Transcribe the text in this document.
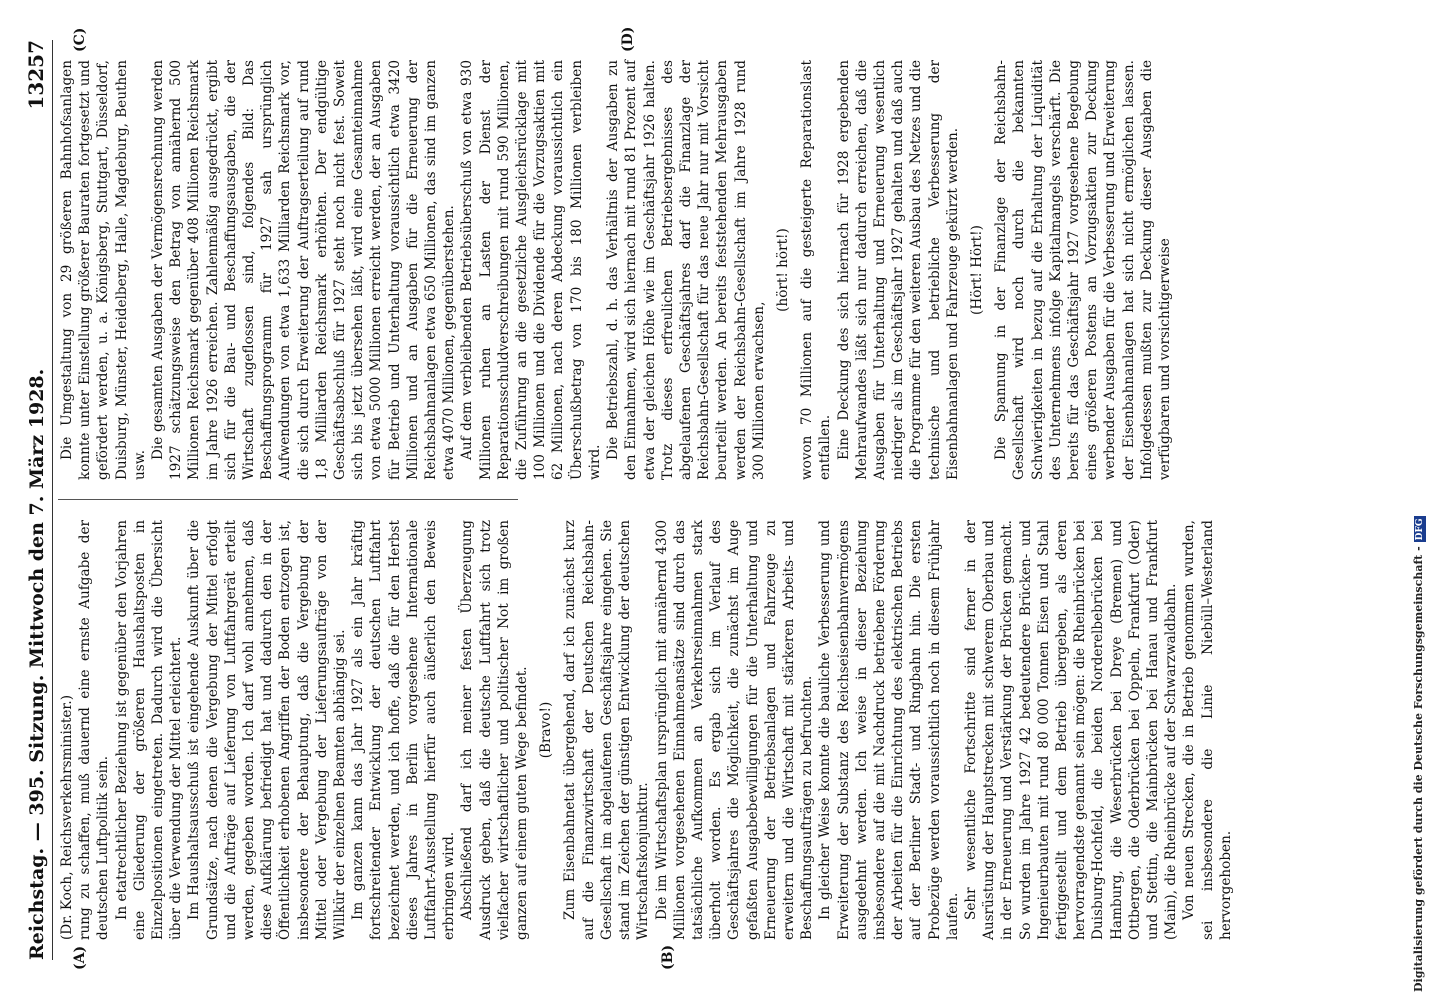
Reichstag. — 395. Sitzung. Mittwoch den 7. März 1928.
13257
(A)	(B)
(C)	(D)

(Dr. Koch, Reichsverkehrsminister.) rung zu schaffen, muß dauernd eine ernste Aufgabe der deutschen Luftpolitik sein. In etatrechtlicher Beziehung ist gegenüber den Vorjahren eine Gliederung der größeren Haushaltsposten in Einzelpositionen eingetreten. Dadurch wird die Übersicht über die Verwendung der Mittel erleichtert. Im Haushaltsausschuß ist eingehende Auskunft über die Grundsätze, nach denen die Vergebung der Mittel erfolgt und die Aufträge auf Lieferung von Luftfahrgerät erteilt werden, gegeben worden. Ich darf wohl annehmen, daß diese Aufklärung befriedigt hat und dadurch den in der Öffentlichkeit erhobenen Angriffen der Boden entzogen ist, insbesondere der Behauptung, daß die Vergebung der Mittel oder Vergebung der Lieferungsaufträge von der Willkür der einzelnen Beamten abhängig sei. Im ganzen kann das Jahr 1927 als ein Jahr kräftig fortschreitender Entwicklung der deutschen Luftfahrt bezeichnet werden, und ich hoffe, daß die für den Herbst dieses Jahres in Berlin vorgesehene Internationale Luftfahrt-Ausstellung hierfür auch äußerlich den Beweis erbringen wird. Abschließend darf ich meiner festen Überzeugung Ausdruck geben, daß die deutsche Luftfahrt sich trotz vielfacher wirtschaftlicher und politischer Not im großen ganzen auf einem guten Wege befindet. (Bravo!) Zum Eisenbahnetat übergehend, darf ich zunächst kurz auf die Finanzwirtschaft der Deutschen Reichsbahn-Gesellschaft im abgelaufenen Geschäftsjahre eingehen. Sie stand im Zeichen der günstigen Entwicklung der deutschen Wirtschaftskonjunktur. Die im Wirtschaftsplan ursprünglich mit annähernd 4300 Millionen vorgesehenen Einnahmeansätze sind durch das tatsächliche Aufkommen an Verkehrseinnahmen stark überholt worden. Es ergab sich im Verlauf des Geschäftsjahres die Möglichkeit, die zunächst im Auge gefaßten Ausgabebewilligungen für die Unterhaltung und Erneuerung der Betriebsanlagen und Fahrzeuge zu erweitern und die Wirtschaft mit stärkeren Arbeits- und Beschaffungsaufträgen zu befruchten. In gleicher Weise konnte die bauliche Verbesserung und Erweiterung der Substanz des Reichseisenbahnvermögens ausgedehnt werden. Ich weise in dieser Beziehung insbesondere auf die mit Nachdruck betriebene Förderung der Arbeiten für die Einrichtung des elektrischen Betriebs auf der Berliner Stadt- und Ringbahn hin. Die ersten Probezüge werden voraussichtlich noch in diesem Frühjahr laufen. Sehr wesentliche Fortschritte sind ferner in der Ausrüstung der Hauptstrecken mit schwerem Oberbau und in der Erneuerung und Verstärkung der Brücken gemacht. So wurden im Jahre 1927 42 bedeutendere Brücken- und Ingenieurbauten mit rund 80 000 Tonnen Eisen und Stahl fertiggestellt und dem Betrieb übergeben, als deren hervorragendste genannt sein mögen: die Rheinbrücken bei Duisburg-Hochfeld, die beiden Norderelbebrücken bei Hamburg, die Weserbrücken bei Dreye (Bremen) und Ottbergen, die Oderbrücken bei Oppeln, Frankfurt (Oder) und Stettin, die Mainbrücken bei Hanau und Frankfurt (Main), die Rheinbrücke auf der Schwarzwaldbahn. Von neuen Strecken, die in Betrieb genommen wurden, sei insbesondere die Linie Niebüll–Westerland hervorgehoben.

Die Umgestaltung von 29 größeren Bahnhofsanlagen konnte unter Einstellung größerer Bauraten fortgesetzt und gefördert werden, u. a. Königsberg, Stuttgart, Düsseldorf, Duisburg, Münster, Heidelberg, Halle, Magdeburg, Beuthen usw.

Die gesamten Ausgaben der Vermögensrechnung werden 1927 schätzungsweise den Betrag von annähernd 500 Millionen Reichsmark gegenüber 408 Millionen Reichsmark im Jahre 1926 erreichen. Zahlenmäßig ausgedrückt, ergibt sich für die Bau- und Beschaffungsausgaben, die der Wirtschaft zugeflossen sind, folgendes Bild: Das Beschaffungsprogramm für 1927 sah ursprünglich Aufwendungen von etwa 1,633 Milliarden Reichsmark vor, die sich durch Erweiterung der Auftragserteilung auf rund 1,8 Milliarden Reichsmark erhöhten. Der endgültige Geschäftsabschluß für 1927 steht noch nicht fest. Soweit sich bis jetzt übersehen läßt, wird eine Gesamteinnahme von etwa 5000 Millionen erreicht werden, der an Ausgaben für Betrieb und Unterhaltung voraussichtlich etwa 3420 Millionen und an Ausgaben für die Erneuerung der Reichsbahnanlagen etwa 650 Millionen, das sind im ganzen etwa 4070 Millionen, gegenüberstehen. Auf dem verbleibenden Betriebsüberschuß von etwa 930 Millionen ruhen an Lasten der Dienst der Reparationsschuldverschreibungen mit rund 590 Millionen, die Zuführung an die gesetzliche Ausgleichsrücklage mit 100 Millionen und die Dividende für die Vorzugsaktien mit 62 Millionen, nach deren Abdeckung voraussichtlich ein Überschußbetrag von 170 bis 180 Millionen verbleiben wird.

Die Betriebszahl, d. h. das Verhältnis der Ausgaben zu den Einnahmen, wird sich hiernach mit rund 81 Prozent auf etwa der gleichen Höhe wie im Geschäftsjahr 1926 halten. Trotz dieses erfreulichen Betriebsergebnisses des abgelaufenen Geschäftsjahres darf die Finanzlage der Reichsbahn-Gesellschaft für das neue Jahr nur mit Vorsicht beurteilt werden. An bereits feststehenden Mehrausgaben werden der Reichsbahn-Gesellschaft im Jahre 1928 rund 300 Millionen erwachsen,

(hört! hört!) wovon 70 Millionen auf die gesteigerte Reparationslast entfallen. Eine Deckung des sich hiernach für 1928 ergebenden Mehraufwandes läßt sich nur dadurch erreichen, daß die Ausgaben für Unterhaltung und Erneuerung wesentlich niedriger als im Geschäftsjahr 1927 gehalten und daß auch die Programme für den weiteren Ausbau des Netzes und die technische und betriebliche Verbesserung der Eisenbahnanlagen und Fahrzeuge gekürzt werden. (Hört! Hört!) Die Spannung in der Finanzlage der Reichsbahn-Gesellschaft wird noch durch die bekannten Schwierigkeiten in bezug auf die Erhaltung der Liquidität des Unternehmens infolge Kapitalmangels verschärft. Die bereits für das Geschäftsjahr 1927 vorgesehene Begebung eines größeren Postens an Vorzugsaktien zur Deckung werbender Ausgaben für die Verbesserung und Erweiterung der Eisenbahnanlagen hat sich nicht ermöglichen lassen. Infolgedessen mußten zur Deckung dieser Ausgaben die verfügbaren und vorsichtigerweise

Digitalisierung gefördert durch die Deutsche Forschungsgemeinschaft -DFG
